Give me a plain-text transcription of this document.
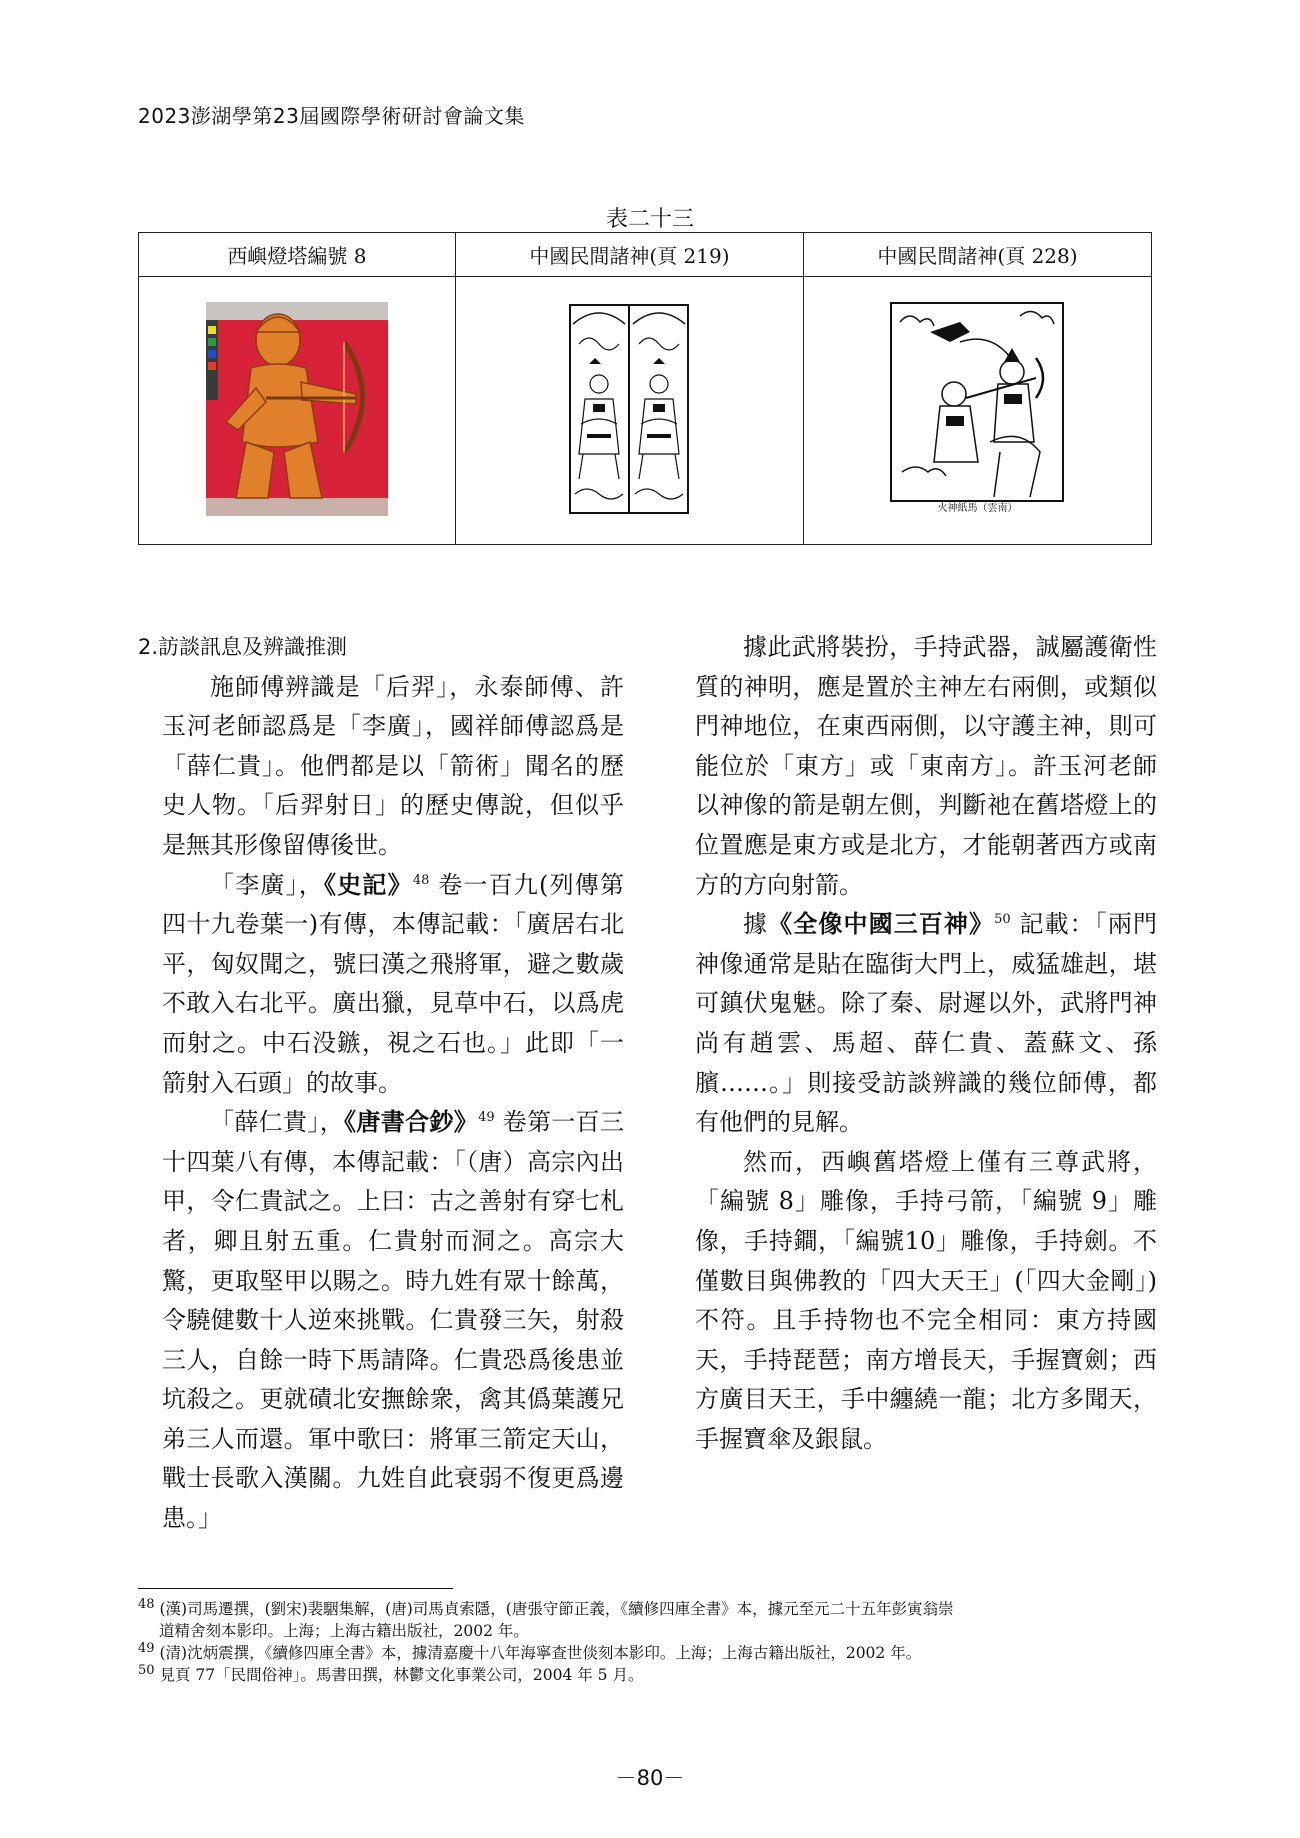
2023澎湖學第23屆國際學術研討會論文集
表二十三
西嶼燈塔編號 8	中國民間諸神(頁 219)	中國民間諸神(頁 228)

火神紙馬（雲南）

2.訪談訊息及辨識推測

施師傅辨識是「后羿」，永泰師傅、許玉河老師認爲是「李廣」，國祥師傅認爲是「薛仁貴」。他們都是以「箭術」聞名的歷史人物。「后羿射日」的歷史傳說，但似乎是無其形像留傳後世。

「李廣」，《史記》$^{48}$ 卷一百九(列傳第四十九卷葉一)有傳，本傳記載：「廣居右北平，匈奴聞之，號曰漢之飛將軍，避之數歲不敢入右北平。廣出獵，見草中石，以爲虎而射之。中石没鏃，視之石也。」此即「一箭射入石頭」的故事。

「薛仁貴」，《唐書合鈔》$^{49}$ 卷第一百三十四葉八有傳，本傳記載：「（唐）高宗內出甲，令仁貴試之。上曰：古之善射有穿七札者，卿且射五重。仁貴射而洞之。高宗大驚，更取堅甲以賜之。時九姓有眾十餘萬，令驍健數十人逆來挑戰。仁貴發三矢，射殺三人，自餘一時下馬請降。仁貴恐爲後患並坑殺之。更就磧北安撫餘衆，禽其僞葉護兄弟三人而還。軍中歌曰：將軍三箭定天山，戰士長歌入漢關。九姓自此衰弱不復更爲邊患。」

據此武將裝扮，手持武器，誠屬護衛性質的神明，應是置於主神左右兩側，或類似門神地位，在東西兩側，以守護主神，則可能位於「東方」或「東南方」。許玉河老師以神像的箭是朝左側，判斷祂在舊塔燈上的位置應是東方或是北方，才能朝著西方或南方的方向射箭。

據《全像中國三百神》$^{50}$ 記載：「兩門神像通常是貼在臨街大門上，威猛雄赳，堪可鎮伏鬼魅。除了秦、尉遲以外，武將門神尚有趙雲、馬超、薛仁貴、蓋蘇文、孫臏……。」則接受訪談辨識的幾位師傅，都有他們的見解。

然而，西嶼舊塔燈上僅有三尊武將，「編號 8」雕像，手持弓箭，「編號 9」雕像，手持鐧，「編號10」雕像，手持劍。不僅數目與佛教的「四大天王」(「四大金剛」)不符。且手持物也不完全相同：東方持國天，手持琵琶；南方增長天，手握寶劍；西方廣目天王，手中纏繞一龍；北方多聞天，手握寶傘及銀鼠。

$^{48}$ (漢)司馬遷撰，(劉宋)裴駰集解，(唐)司馬貞索隱，(唐張守節正義，《續修四庫全書》本，據元至元二十五年彭寅翁崇
道精舍刻本影印。上海；上海古籍出版社，2002 年。
$^{49}$ (清)沈炳震撰，《續修四庫全書》本，據清嘉慶十八年海寧查世倓刻本影印。上海；上海古籍出版社，2002 年。
$^{50}$ 見頁 77「民間俗神」。馬書田撰，林鬱文化事業公司，2004 年 5 月。
－80－
